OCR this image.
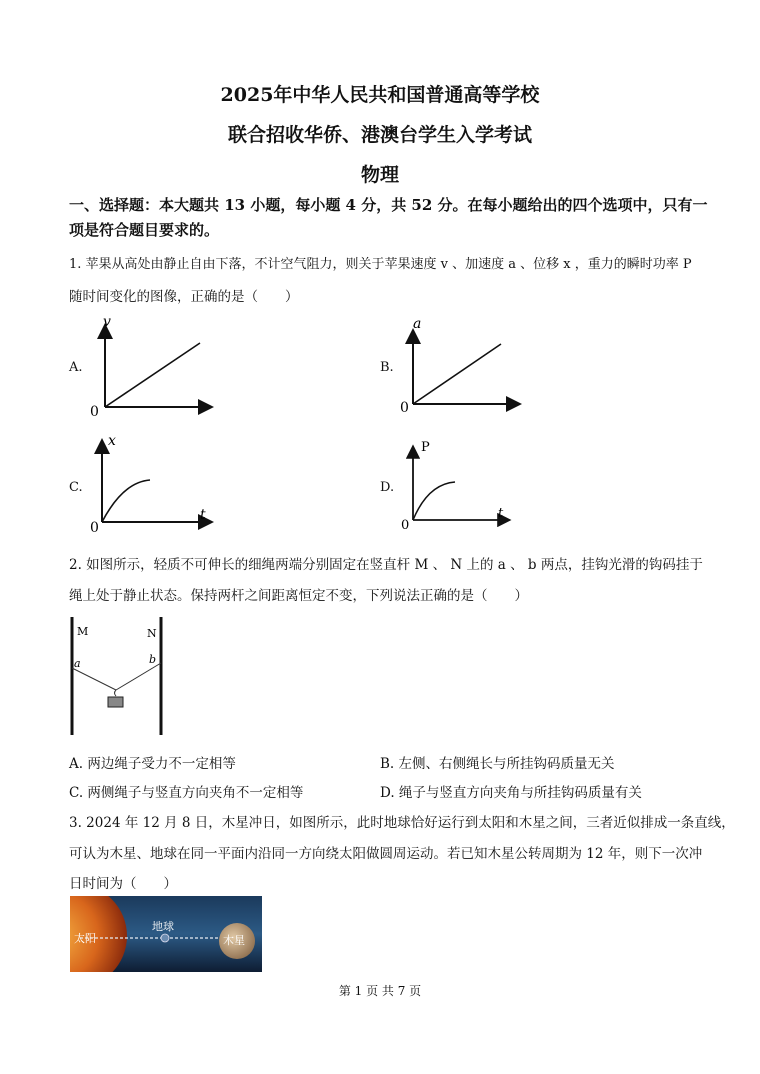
2025年中华人民共和国普通高等学校
联合招收华侨、港澳台学生入学考试
物理
一、选择题：本大题共 13 小题，每小题 4 分，共 52 分。在每小题给出的四个选项中，只有一
项是符合题目要求的。
1. 苹果从高处由静止自由下落，不计空气阻力，则关于苹果速度 v 、加速度 a 、位移 x ，重力的瞬时功率 P
随时间变化的图像，正确的是（　　）
A.
v
0
B.
a
0
C.
x
t
0
D.
P
t
0
2. 如图所示，轻质不可伸长的细绳两端分别固定在竖直杆 M 、 N 上的 a 、 b 两点，挂钩光滑的钩码挂于
绳上处于静止状态。保持两杆之间距离恒定不变，下列说法正确的是（　　）
M	N
a	b
A. 两边绳子受力不一定相等	B. 左侧、右侧绳长与所挂钩码质量无关
C. 两侧绳子与竖直方向夹角不一定相等	D. 绳子与竖直方向夹角与所挂钩码质量有关
3. 2024 年 12 月 8 日，木星冲日，如图所示，此时地球恰好运行到太阳和木星之间，三者近似排成一条直线，
可认为木星、地球在同一平面内沿同一方向绕太阳做圆周运动。若已知木星公转周期为 12 年，则下一次冲
日时间为（　　）
太阳
地球
木星
第 1 页 共 7 页
